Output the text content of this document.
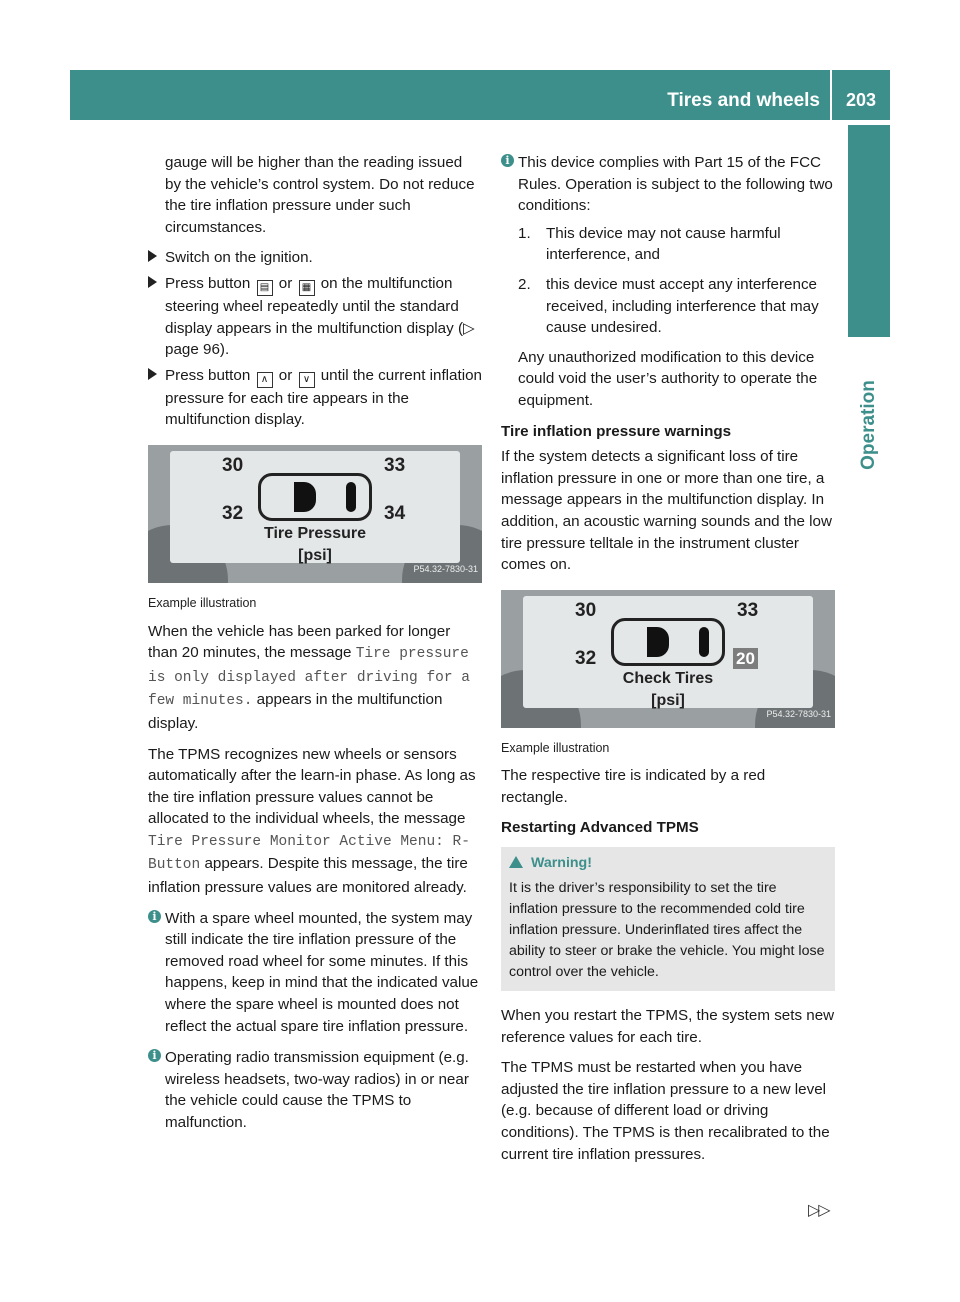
Tires and wheels	203
Operation

gauge will be higher than the reading issued by the vehicle’s control system. Do not reduce the tire inflation pressure under such circumstances.

Switch on the ignition.
Press button ▤ or ▦ on the multifunction steering wheel repeatedly until the standard display appears in the multifunction display (▷ page 96).
Press button ∧ or ∨ until the current inflation pressure for each tire appears in the multifunction display.
30	33
32	34
Tire Pressure
[psi]
P54.32-7830-31
Example illustration

When the vehicle has been parked for longer than 20 minutes, the message Tire pressure is only displayed after driving for a few minutes. appears in the multifunction display.

The TPMS recognizes new wheels or sensors automatically after the learn-in phase. As long as the tire inflation pressure values cannot be allocated to the individual wheels, the message Tire Pressure Monitor Active Menu: R-Button appears. Despite this message, the tire inflation pressure values are monitored already.

i With a spare wheel mounted, the system may still indicate the tire inflation pressure of the removed road wheel for some minutes. If this happens, keep in mind that the indicated value where the spare wheel is mounted does not reflect the actual spare tire inflation pressure.
i Operating radio transmission equipment (e.g. wireless headsets, two-way radios) in or near the vehicle could cause the TPMS to malfunction.
i This device complies with Part 15 of the FCC Rules. Operation is subject to the following two conditions:
1. This device may not cause harmful interference, and
2. this device must accept any interference received, including interference that may cause undesired.

Any unauthorized modification to this device could void the user’s authority to operate the equipment.

Tire inflation pressure warnings

If the system detects a significant loss of tire inflation pressure in one or more than one tire, a message appears in the multifunction display. In addition, an acoustic warning sounds and the low tire pressure telltale in the instrument cluster comes on.

30	33
32	20
Check Tires
[psi]
P54.32-7830-31
Example illustration

The respective tire is indicated by a red rectangle.

Restarting Advanced TPMS
Warning!
It is the driver’s responsibility to set the tire inflation pressure to the recommended cold tire inflation pressure. Underinflated tires affect the ability to steer or brake the vehicle. You might lose control over the vehicle.

When you restart the TPMS, the system sets new reference values for each tire.

The TPMS must be restarted when you have adjusted the tire inflation pressure to a new level (e.g. because of different load or driving conditions). The TPMS is then recalibrated to the current tire inflation pressures.

▷▷
